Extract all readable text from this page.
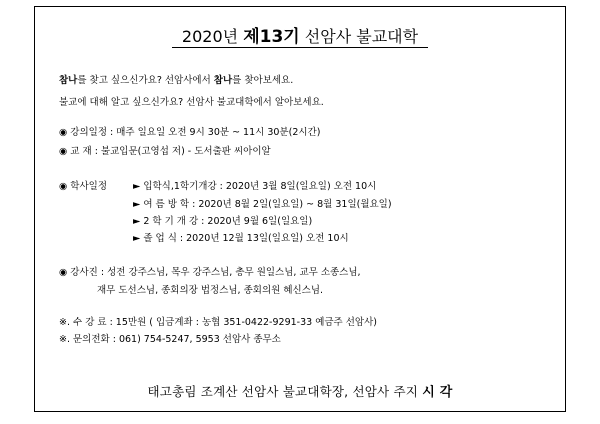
2020년 제13기 선암사 불교대학
참나를 찾고 싶으신가요? 선암사에서 참나를 찾아보세요.
불교에 대해 알고 싶으신가요? 선암사 불교대학에서 알아보세요.
◉ 강의일정 : 매주 일요일 오전 9시 30분 ~ 11시 30분(2시간)
◉ 교 재 : 불교입문(고영섭 저) - 도서출판 씨아이알
◉ 학사일정	► 입학식,1학기개강 : 2020년 3월 8일(일요일) 오전 10시
► 여 름 방 학 : 2020년 8월 2일(일요일) ~ 8월 31일(월요일)
► 2 학 기 개 강 : 2020년 9월 6일(일요일)
► 졸 업 식 : 2020년 12월 13일(일요일) 오전 10시
◉ 강사진 : 성전 강주스님, 목우 강주스님, 총무 원일스님, 교무 소종스님,
재무 도선스님, 종회의장 법정스님, 종회의원 혜신스님.
※. 수 강 료 : 15만원 ( 입금계좌 : 농협 351-0422-9291-33 예금주 선암사)
※. 문의전화 : 061) 754-5247, 5953 선암사 종무소
태고총림 조계산 선암사 불교대학장, 선암사 주지 시 각
